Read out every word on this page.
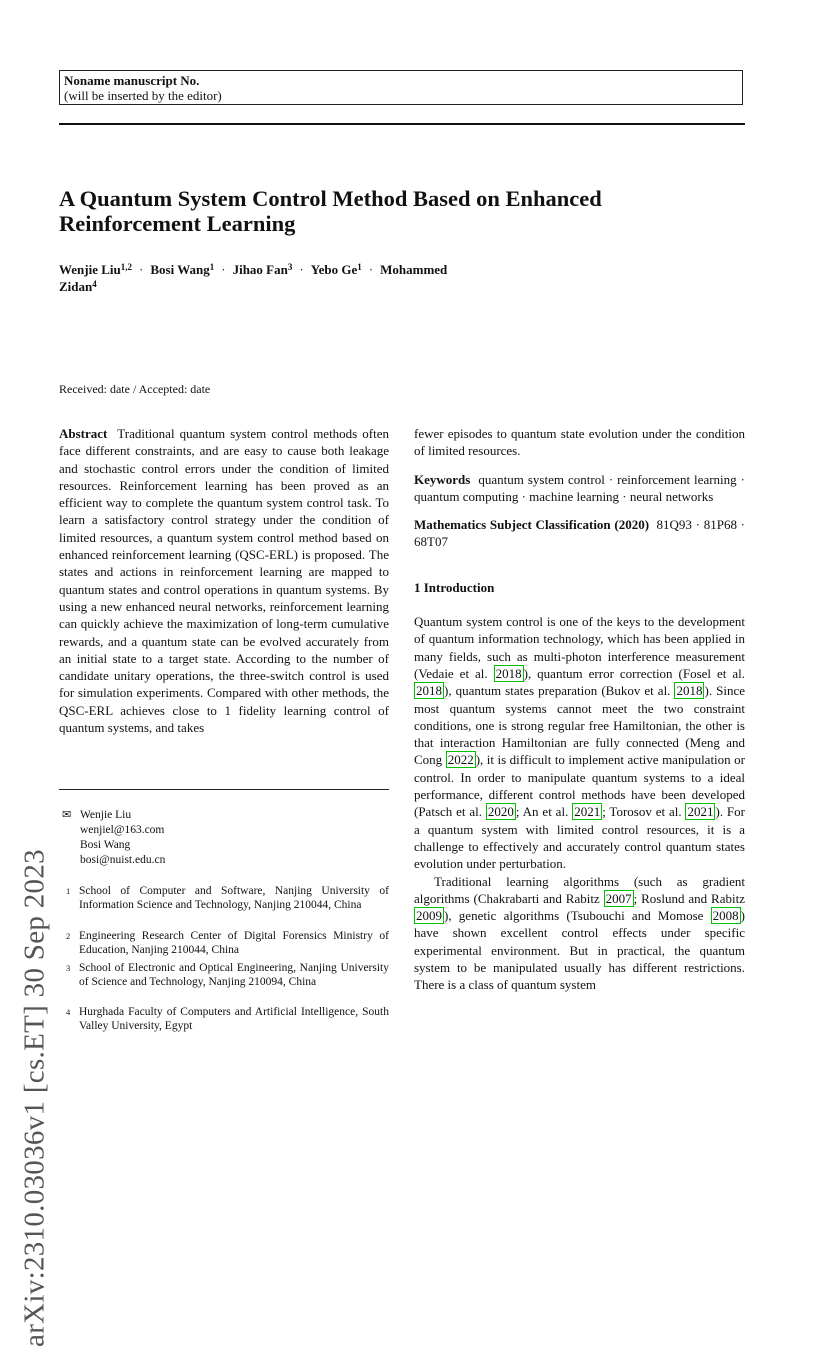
Noname manuscript No.
(will be inserted by the editor)
arXiv:2310.03036v1 [cs.ET] 30 Sep 2023
A Quantum System Control Method Based on Enhanced
Reinforcement Learning
Wenjie Liu$^{1,2}$ · Bosi Wang$^1$ · Jihao Fan$^3$ · Yebo $Ge^1$ · Mohammed
Zidan$^4$
Received: date / Accepted: date

Abstract Traditional quantum system control methods often face different constraints, and are easy to cause both leakage and stochastic control errors under the condition of limited resources. Reinforcement learning has been proved as an efficient way to complete the quantum system control task. To learn a satisfactory control strategy under the condition of limited resources, a quantum system control method based on enhanced reinforcement learning (QSC-ERL) is proposed. The states and actions in reinforcement learning are mapped to quantum states and control operations in quantum systems. By using a new enhanced neural networks, reinforcement learning can quickly achieve the maximization of long-term cumulative rewards, and a quantum state can be evolved accurately from an initial state to a target state. According to the number of candidate unitary operations, the three-switch control is used for simulation experiments. Compared with other methods, the QSC-ERL achieves close to 1 fidelity learning control of quantum systems, and takes

✉ Wenjie Liu
wenjiel@163.com
Bosi Wang
bosi@nuist.edu.cn
1 School of Computer and Software, Nanjing University of Information Science and Technology, Nanjing 210044, China
2 Engineering Research Center of Digital Forensics Ministry of Education, Nanjing 210044, China
3 School of Electronic and Optical Engineering, Nanjing University of Science and Technology, Nanjing 210094, China
4 Hurghada Faculty of Computers and Artificial Intelligence, South Valley University, Egypt

fewer episodes to quantum state evolution under the condition of limited resources.

Keywords quantum system control · reinforcement learning · quantum computing · machine learning · neural networks

Mathematics Subject Classification (2020) 81Q93 · 81P68 · 68T07

1 Introduction

Quantum system control is one of the keys to the development of quantum information technology, which has been applied in many fields, such as multi-photon interference measurement (Vedaie et al. 2018 ), quantum error correction (Fosel et al. 2018 ), quantum states preparation (Bukov et al. 2018 ). Since most quantum systems cannot meet the two constraint conditions, one is strong regular free Hamiltonian, the other is that interaction Hamiltonian are fully connected (Meng and Cong 2022 ), it is difficult to implement active manipulation or control. In order to manipulate quantum systems to a ideal performance, different control methods have been developed (Patsch et al. 2020 ; An et al. 2021 ; Torosov et al. 2021 ). For a quantum system with limited control resources, it is a challenge to effectively and accurately control quantum states evolution under perturbation.

Traditional learning algorithms (such as gradient algorithms (Chakrabarti and Rabitz 2007 ; Roslund and Rabitz 2009 ), genetic algorithms (Tsubouchi and Momose 2008 ) have shown excellent control effects under specific experimental environment. But in practical, the quantum system to be manipulated usually has different restrictions. There is a class of quantum system
